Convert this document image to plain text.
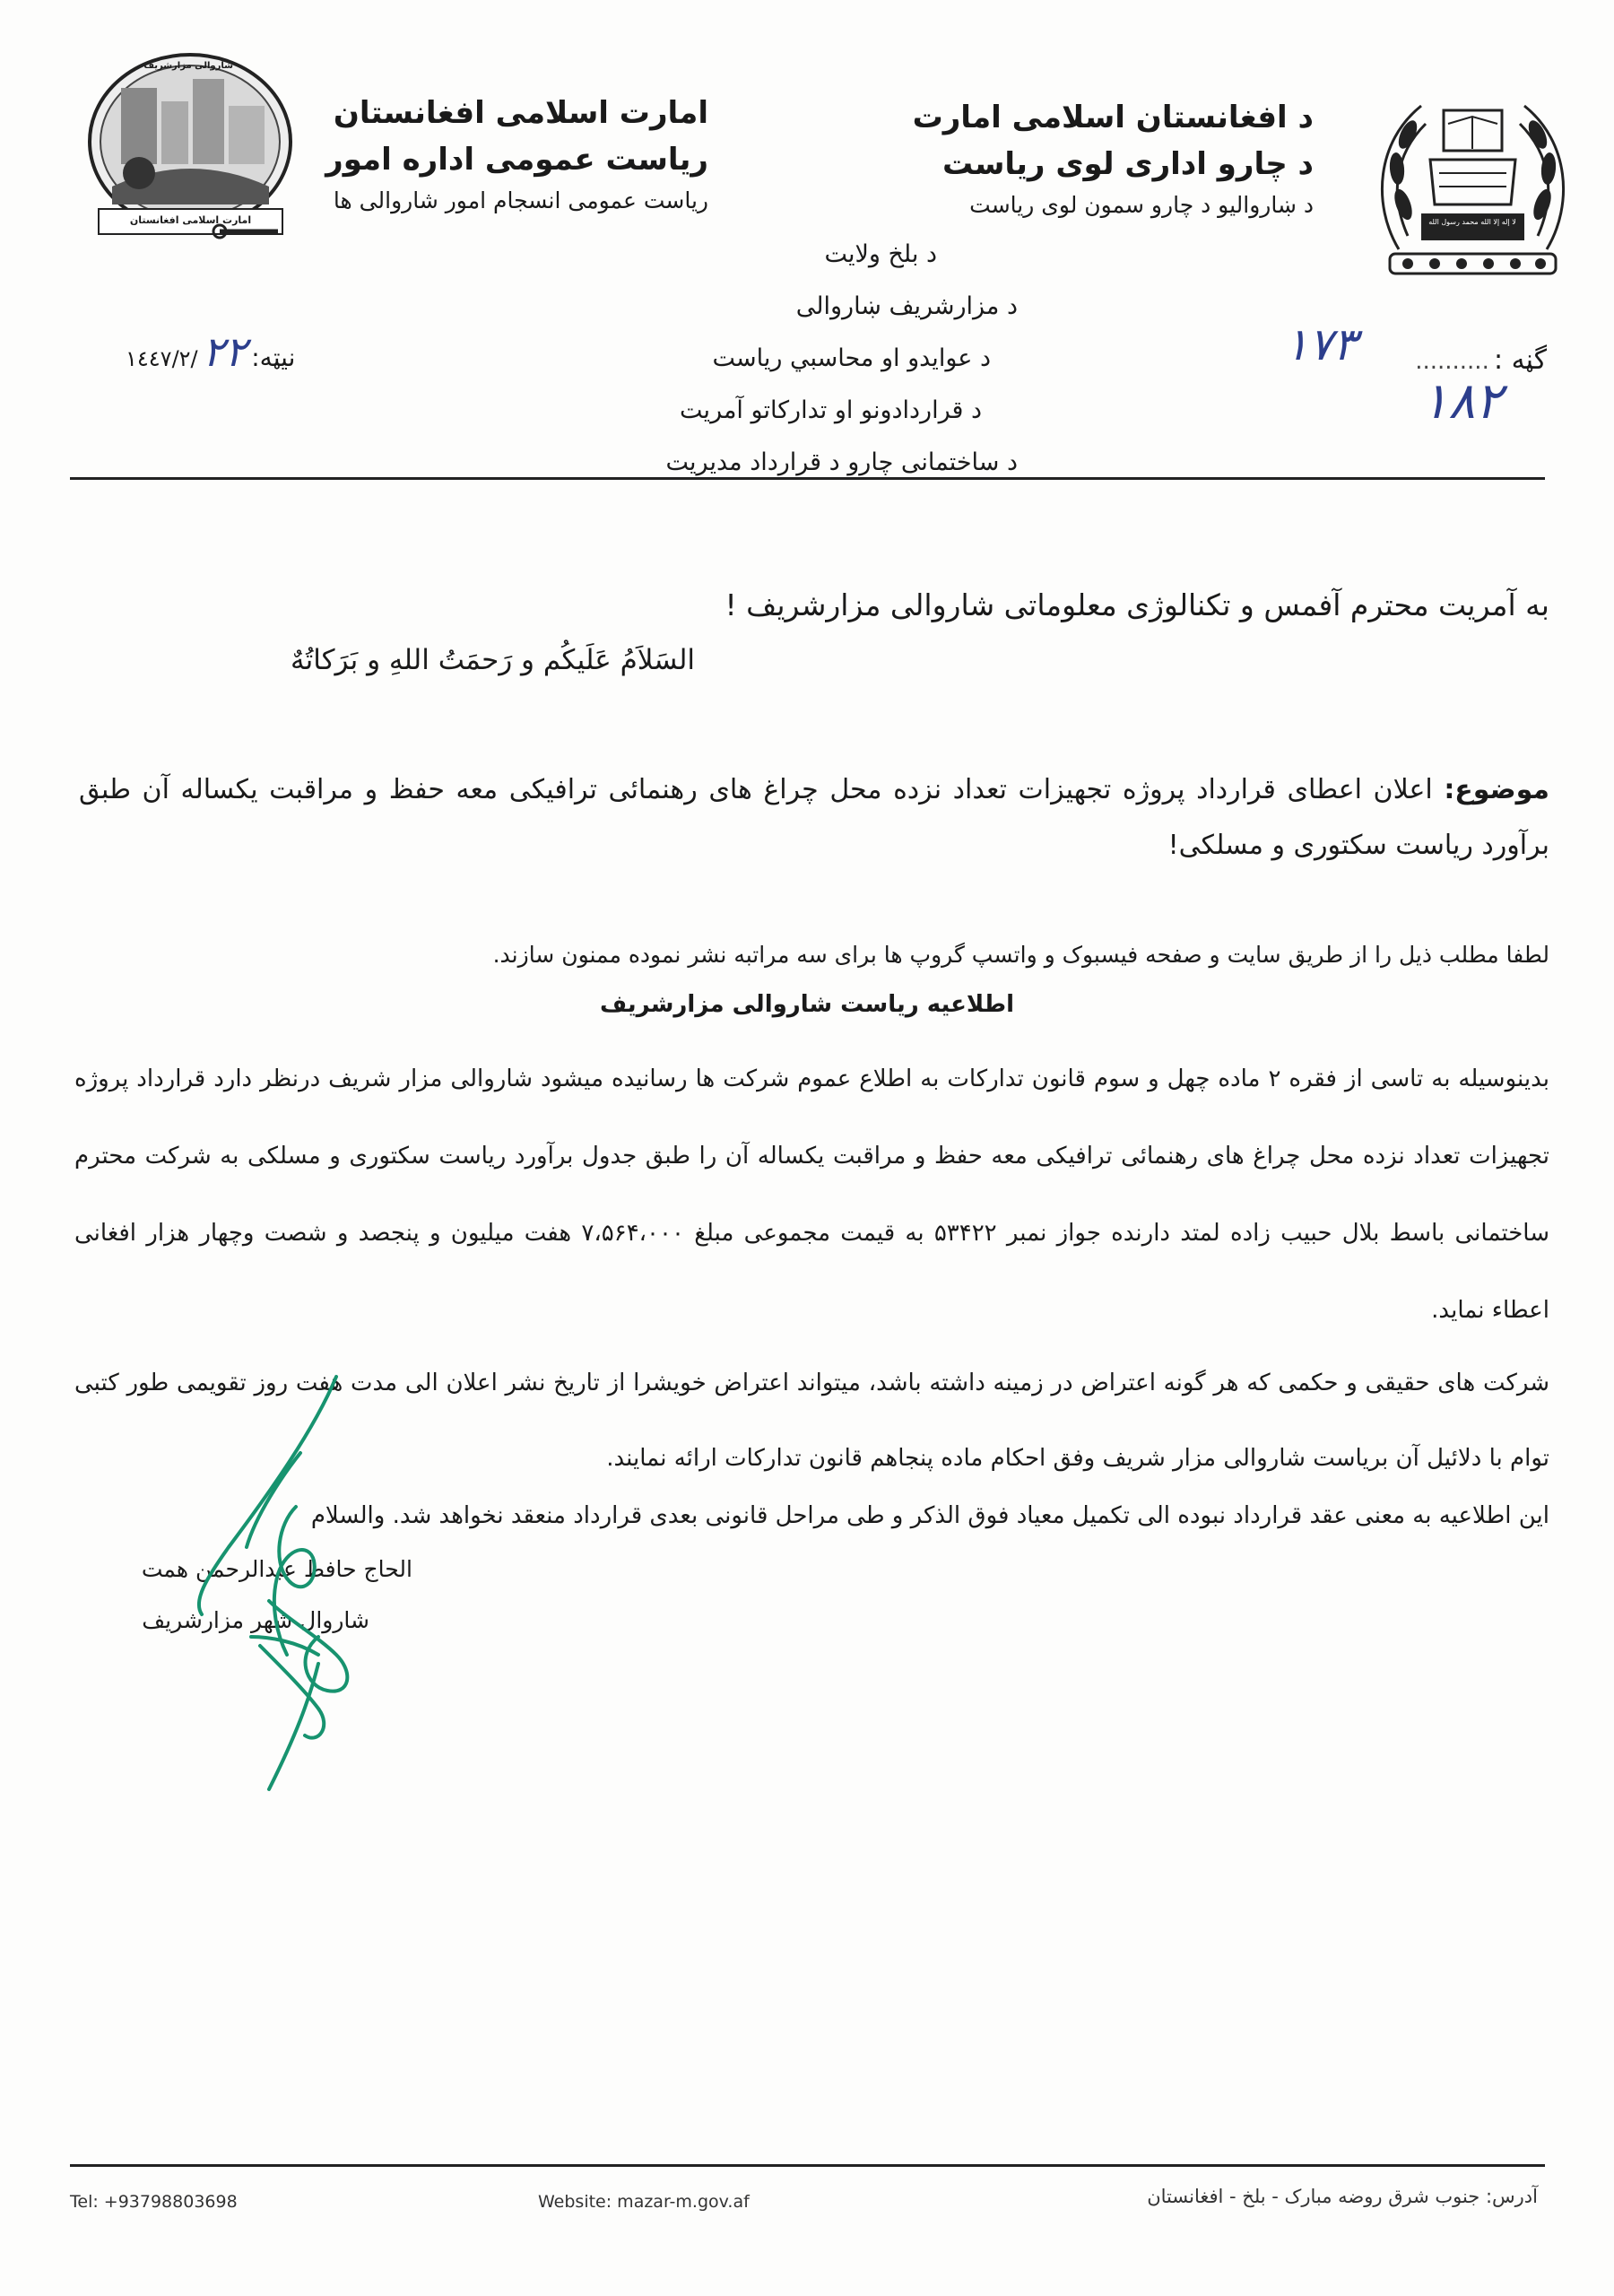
لا إله إلا الله محمد رسول الله
د افغانستان اسلامی امارت
د چارو اداری لوی ریاست
د ښاروالیو د چارو سمون لوی ریاست
امارت اسلامی افغانستان
ریاست عمومی اداره امور
ریاست عمومی انسجام امور شاروالی ها
شاروالی مزارشریف
امارت اسلامی افغانستان
د بلخ ولایت
د مزارشریف ښاروالی
د عوایدو او محاسبي ریاست
د قراردادونو او تدارکاتو آمریت
د ساختمانی چارو د قرارداد مدیریت
گڼه : .......... ١٧٣
١٨٢
نیټه: ٢٢ /١٤٤٧/٢
به آمریت محترم آفمس و تکنالوژی معلوماتی شاروالی مزارشریف !
السَلاَمُ عَلَیکُم و رَحمَتُ اللهِ و بَرَکاتُهٌ
موضوع: اعلان اعطای قرارداد پروژه تجهیزات تعداد نزده محل چراغ های رهنمائی ترافیکی معه حفظ و مراقبت یکساله آن طبق برآورد ریاست سکتوری و مسلکی!
لطفا مطلب ذیل را از طریق سایت و صفحه فیسبوک و واتسپ گروپ ها برای سه مراتبه نشر نموده ممنون سازند.
اطلاعیه ریاست شاروالی مزارشریف
بدینوسیله به تاسی از فقره ۲ ماده چهل و سوم قانون تدارکات به اطلاع عموم شرکت ها رسانیده میشود شاروالی مزار شریف درنظر دارد قرارداد پروژه تجهیزات تعداد نزده محل چراغ های رهنمائی ترافیکی معه حفظ و مراقبت یکساله آن را طبق جدول برآورد ریاست سکتوری و مسلکی به شرکت محترم ساختمانی باسط بلال حبیب زاده لمتد دارنده جواز نمبر ۵۳۴۲۲ به قیمت مجموعی مبلغ ۷،۵۶۴،۰۰۰ هفت میلیون و پنجصد و شصت وچهار هزار افغانی اعطاء نماید.
شرکت های حقیقی و حکمی که هر گونه اعتراض در زمینه داشته باشد، میتواند اعتراض خویشرا از تاریخ نشر اعلان الی مدت هفت روز تقویمی طور کتبی توام با دلائیل آن بریاست شاروالی مزار شریف وفق احکام ماده پنجاهم قانون تدارکات ارائه نمایند.
این اطلاعیه به معنی عقد قرارداد نبوده الی تکمیل معیاد فوق الذکر و طی مراحل قانونی بعدی قرارداد منعقد نخواهد شد. والسلام
الحاج حافظ عبدالرحمن همت
شاروال شهر مزارشریف
Tel: +93798803698	Website: mazar-m.gov.af	آدرس: جنوب شرق روضه مبارک - بلخ - افغانستان
